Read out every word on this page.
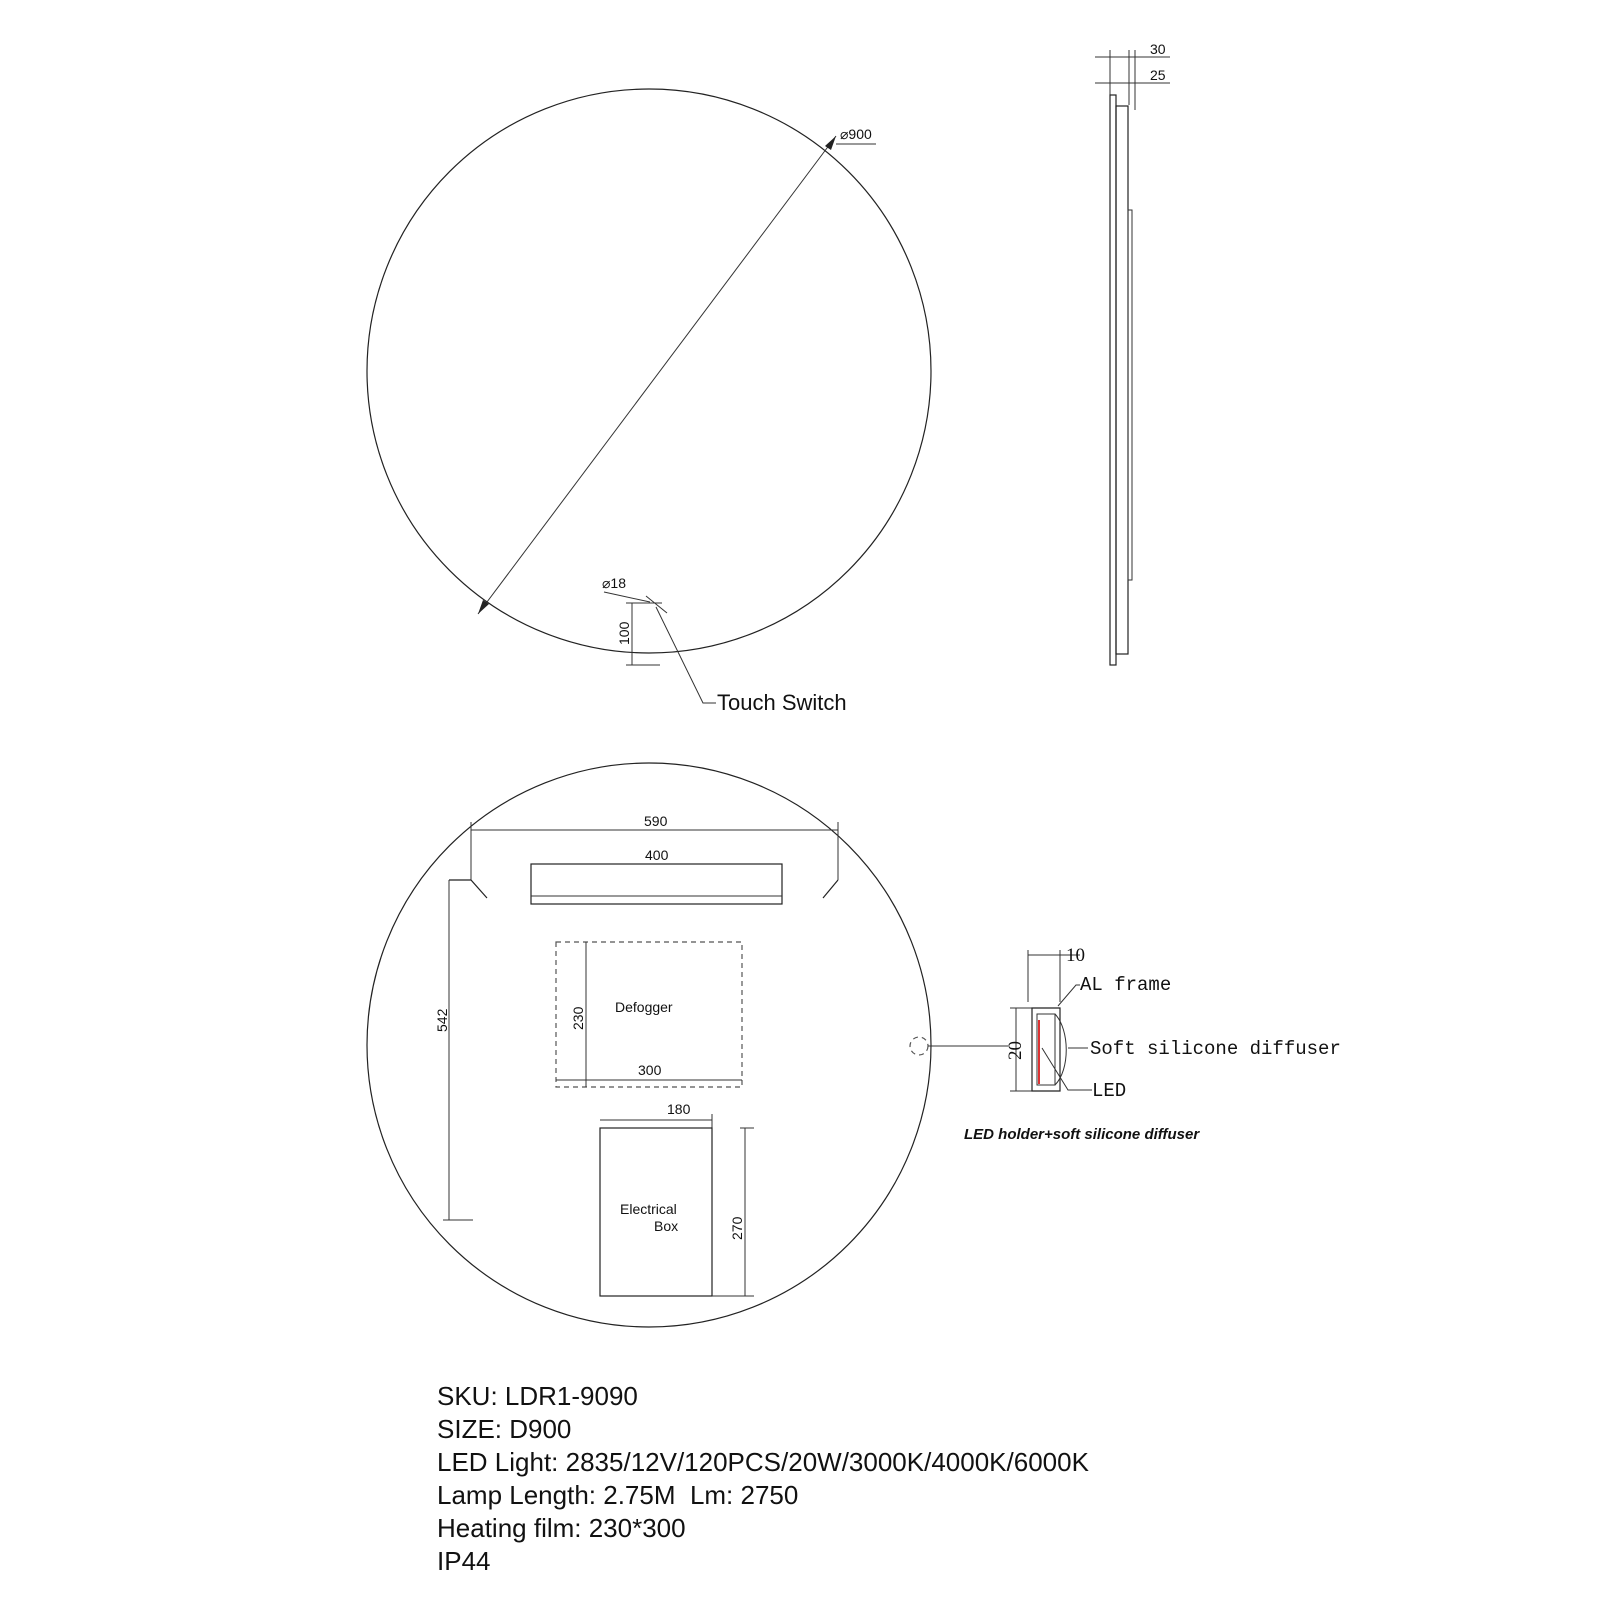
⌀900
⌀18
100
Touch Switch
30
25
590
400
542
Defogger
230
300
180
Electrical
Box	270
10
20
AL frame
Soft silicone diffuser
LED
LED holder+soft silicone diffuser
SKU: LDR1-9090
SIZE: D900
LED Light: 2835/12V/120PCS/20W/3000K/4000K/6000K
Lamp Length: 2.75M  Lm: 2750
Heating film: 230*300
IP44
